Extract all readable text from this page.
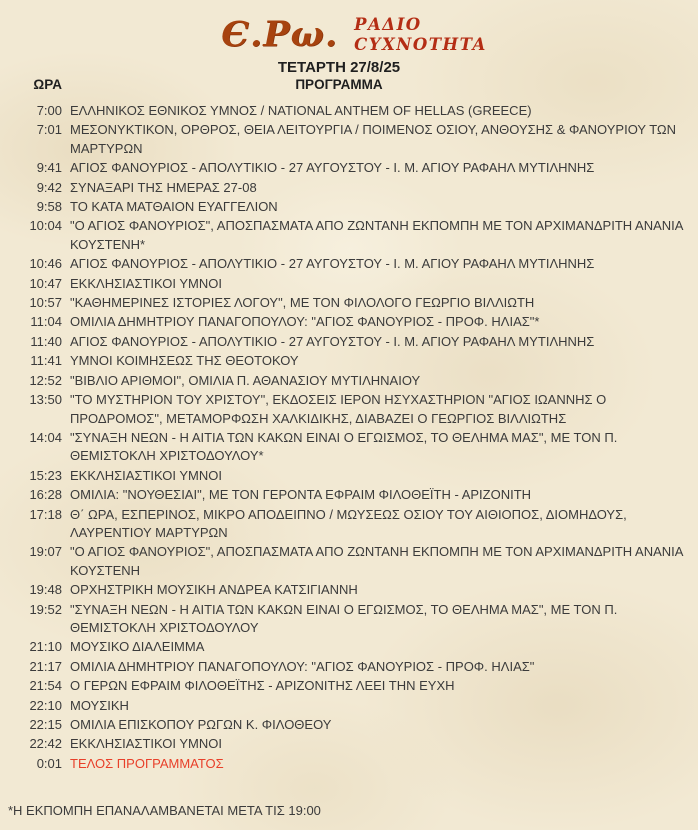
Є.Ρω. ΡΑΔΙΟ
CYXNOTHTA
ΤΕΤΑΡΤΗ 27/8/25
ΩΡΑ	ΠΡΟΓΡΑΜΜΑ
7:00 ΕΛΛΗΝΙΚΟΣ ΕΘΝΙΚΟΣ ΥΜΝΟΣ / NATIONAL ANTHEM OF HELLAS (GREECE)
7:01 ΜΕΣΟΝΥΚΤΙΚΟΝ, ΟΡΘΡΟΣ, ΘΕΙΑ ΛΕΙΤΟΥΡΓΙΑ / ΠΟΙΜΕΝΟΣ ΟΣΙΟΥ, ΑΝΘΟΥΣΗΣ & ΦΑΝΟΥΡΙΟΥ ΤΩΝ ΜΑΡΤΥΡΩΝ
9:41 ΑΓΙΟΣ ΦΑΝΟΥΡΙΟΣ - ΑΠΟΛΥΤΙΚΙΟ - 27 ΑΥΓΟΥΣΤΟΥ - Ι. Μ. ΑΓΙΟΥ ΡΑΦΑΗΛ ΜΥΤΙΛΗΝΗΣ
9:42 ΣΥΝΑΞΑΡΙ ΤΗΣ ΗΜΕΡΑΣ 27-08
9:58 ΤΟ ΚΑΤΑ ΜΑΤΘΑΙΟΝ ΕΥΑΓΓΕΛΙΟΝ
10:04 "Ο ΑΓΙΟΣ ΦΑΝΟΥΡΙΟΣ", ΑΠΟΣΠΑΣΜΑΤΑ ΑΠΟ ΖΩΝΤΑΝΗ ΕΚΠΟΜΠΗ ΜΕ ΤΟΝ ΑΡΧΙΜΑΝΔΡΙΤΗ ΑΝΑΝΙΑ ΚΟΥΣΤΕΝΗ*
10:46 ΑΓΙΟΣ ΦΑΝΟΥΡΙΟΣ - ΑΠΟΛΥΤΙΚΙΟ - 27 ΑΥΓΟΥΣΤΟΥ - Ι. Μ. ΑΓΙΟΥ ΡΑΦΑΗΛ ΜΥΤΙΛΗΝΗΣ
10:47 ΕΚΚΛΗΣΙΑΣΤΙΚΟΙ ΥΜΝΟΙ
10:57 "ΚΑΘΗΜΕΡΙΝΕΣ ΙΣΤΟΡΙΕΣ ΛΟΓΟΥ", ΜΕ ΤΟΝ ΦΙΛΟΛΟΓΟ ΓΕΩΡΓΙΟ ΒΙΛΛΙΩΤΗ
11:04 ΟΜΙΛΙΑ ΔΗΜΗΤΡΙΟΥ ΠΑΝΑΓΟΠΟΥΛΟΥ: "ΑΓΙΟΣ ΦΑΝΟΥΡΙΟΣ - ΠΡΟΦ. ΗΛΙΑΣ"*
11:40 ΑΓΙΟΣ ΦΑΝΟΥΡΙΟΣ - ΑΠΟΛΥΤΙΚΙΟ - 27 ΑΥΓΟΥΣΤΟΥ - Ι. Μ. ΑΓΙΟΥ ΡΑΦΑΗΛ ΜΥΤΙΛΗΝΗΣ
11:41 ΥΜΝΟΙ ΚΟΙΜΗΣΕΩΣ ΤΗΣ ΘΕΟΤΟΚΟΥ
12:52 "ΒΙΒΛΙΟ ΑΡΙΘΜΟΙ", ΟΜΙΛΙΑ Π. ΑΘΑΝΑΣΙΟΥ ΜΥΤΙΛΗΝΑΙΟΥ
13:50 "ΤΟ ΜΥΣΤΗΡΙΟΝ ΤΟΥ ΧΡΙΣΤΟΥ", ΕΚΔΟΣΕΙΣ ΙΕΡΟΝ ΗΣΥΧΑΣΤΗΡΙΟΝ "ΑΓΙΟΣ ΙΩΑΝΝΗΣ Ο ΠΡΟΔΡΟΜΟΣ", ΜΕΤΑΜΟΡΦΩΣΗ ΧΑΛΚΙΔΙΚΗΣ, ΔΙΑΒΑΖΕΙ Ο ΓΕΩΡΓΙΟΣ ΒΙΛΛΙΩΤΗΣ
14:04 "ΣΥΝΑΞΗ ΝΕΩΝ - Η ΑΙΤΙΑ ΤΩΝ ΚΑΚΩΝ ΕΙΝΑΙ Ο ΕΓΩΙΣΜΟΣ, ΤΟ ΘΕΛΗΜΑ ΜΑΣ", ΜΕ ΤΟΝ Π. ΘΕΜΙΣΤΟΚΛΗ ΧΡΙΣΤΟΔΟΥΛΟΥ*
15:23 ΕΚΚΛΗΣΙΑΣΤΙΚΟΙ ΥΜΝΟΙ
16:28 ΟΜΙΛΙΑ: "ΝΟΥΘΕΣΙΑΙ", ΜΕ ΤΟΝ ΓΕΡΟΝΤΑ ΕΦΡΑΙΜ ΦΙΛΟΘΕΪΤΗ - ΑΡΙΖΟΝΙΤΗ
17:18 Θ΄ ΩΡΑ, ΕΣΠΕΡΙΝΟΣ, ΜΙΚΡΟ ΑΠΟΔΕΙΠΝΟ / ΜΩΥΣΕΩΣ ΟΣΙΟΥ ΤΟΥ ΑΙΘΙΟΠΟΣ, ΔΙΟΜΗΔΟΥΣ, ΛΑΥΡΕΝΤΙΟΥ ΜΑΡΤΥΡΩΝ
19:07 "Ο ΑΓΙΟΣ ΦΑΝΟΥΡΙΟΣ", ΑΠΟΣΠΑΣΜΑΤΑ ΑΠΟ ΖΩΝΤΑΝΗ ΕΚΠΟΜΠΗ ΜΕ ΤΟΝ ΑΡΧΙΜΑΝΔΡΙΤΗ ΑΝΑΝΙΑ ΚΟΥΣΤΕΝΗ
19:48 ΟΡΧΗΣΤΡΙΚΗ ΜΟΥΣΙΚΗ ΑΝΔΡΕΑ ΚΑΤΣΙΓΙΑΝΝΗ
19:52 "ΣΥΝΑΞΗ ΝΕΩΝ - Η ΑΙΤΙΑ ΤΩΝ ΚΑΚΩΝ ΕΙΝΑΙ Ο ΕΓΩΙΣΜΟΣ, ΤΟ ΘΕΛΗΜΑ ΜΑΣ", ΜΕ ΤΟΝ Π. ΘΕΜΙΣΤΟΚΛΗ ΧΡΙΣΤΟΔΟΥΛΟΥ
21:10 ΜΟΥΣΙΚΟ ΔΙΑΛΕΙΜΜΑ
21:17 ΟΜΙΛΙΑ ΔΗΜΗΤΡΙΟΥ ΠΑΝΑΓΟΠΟΥΛΟΥ: "ΑΓΙΟΣ ΦΑΝΟΥΡΙΟΣ - ΠΡΟΦ. ΗΛΙΑΣ"
21:54 Ο ΓΕΡΩΝ ΕΦΡΑΙΜ ΦΙΛΟΘΕΪΤΗΣ - ΑΡΙΖΟΝΙΤΗΣ ΛΕΕΙ ΤΗΝ ΕΥΧΗ
22:10 ΜΟΥΣΙΚΗ
22:15 ΟΜΙΛΙΑ ΕΠΙΣΚΟΠΟΥ ΡΩΓΩΝ Κ. ΦΙΛΟΘΕΟΥ
22:42 ΕΚΚΛΗΣΙΑΣΤΙΚΟΙ ΥΜΝΟΙ
0:01 ΤΕΛΟΣ ΠΡΟΓΡΑΜΜΑΤΟΣ
*Η ΕΚΠΟΜΠΗ ΕΠΑΝΑΛΑΜΒΑΝΕΤΑΙ ΜΕΤΑ ΤΙΣ 19:00
